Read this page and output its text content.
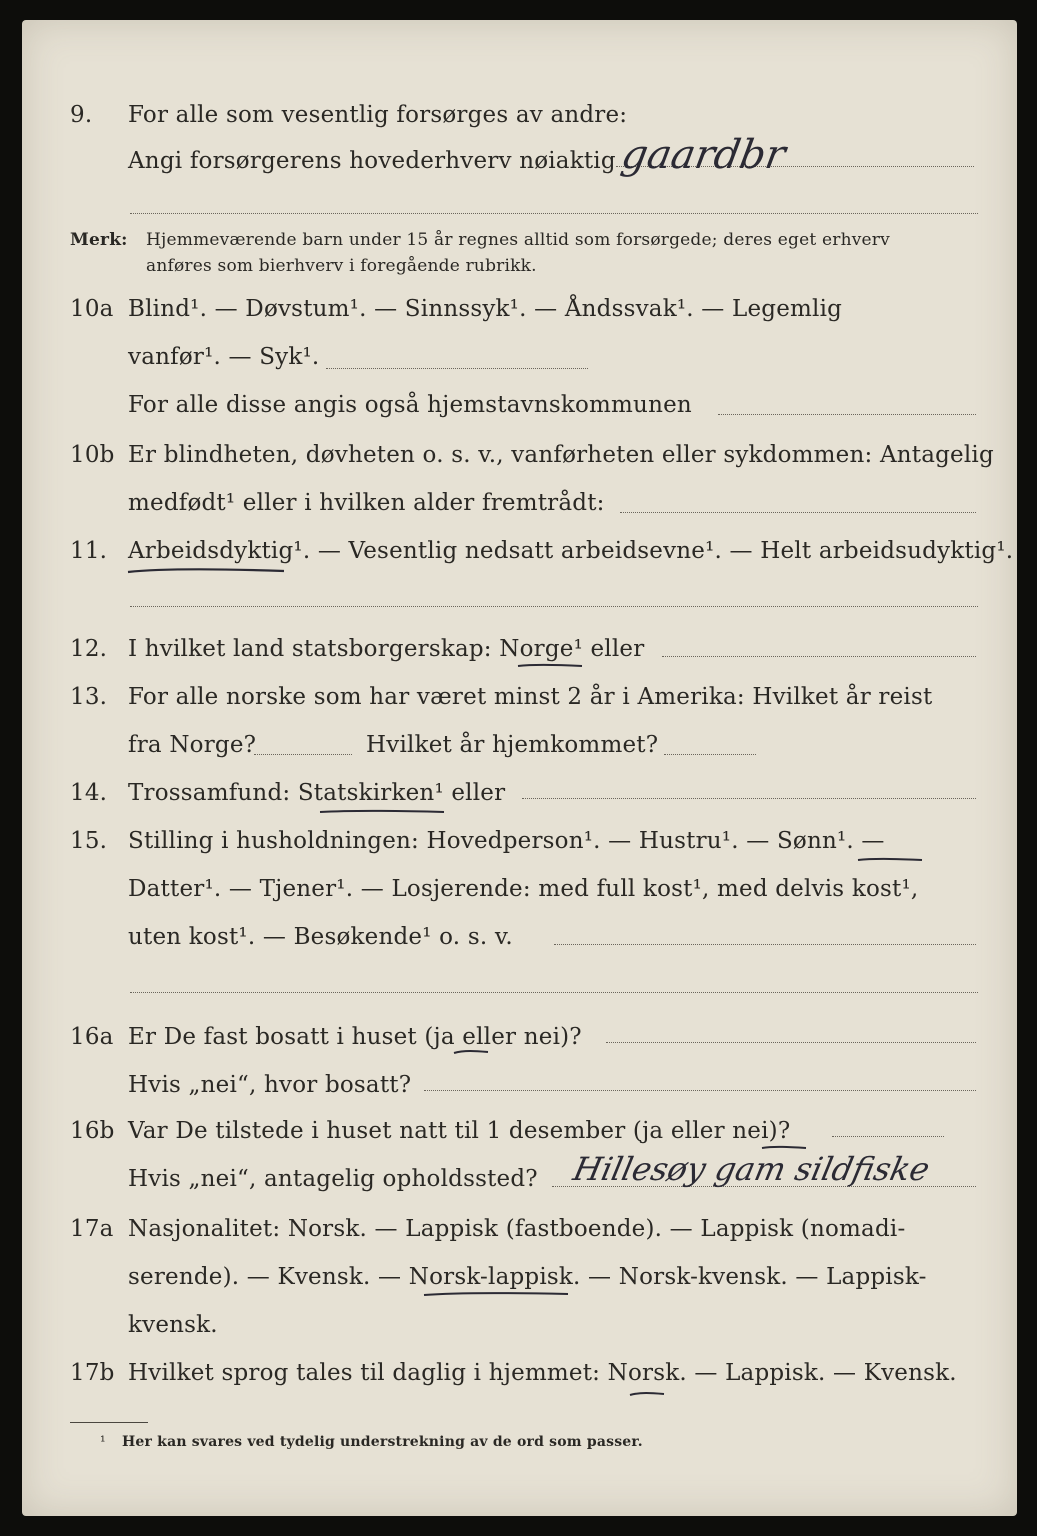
9. For alle som vesentlig forsørges av andre:
Angi forsørgerens hovederhverv nøiaktig gaardbr
Merk: Hjemmeværende barn under 15 år regnes alltid som forsørgede; deres eget erhverv
anføres som bierhverv i foregående rubrikk.
10a Blind¹. — Døvstum¹. — Sinnssyk¹. — Åndssvak¹. — Legemlig
vanfør¹. — Syk¹.
For alle disse angis også hjemstavnskommunen
10b Er blindheten, døvheten o. s. v., vanførheten eller sykdommen: Antagelig
medfødt¹ eller i hvilken alder fremtrådt:
11. Arbeidsdyktig¹. — Vesentlig nedsatt arbeidsevne¹. — Helt arbeidsudyktig¹.
12. I hvilket land statsborgerskap: Norge¹ eller
13. For alle norske som har været minst 2 år i Amerika: Hvilket år reist
fra Norge?	Hvilket år hjemkommet?
14. Trossamfund: Statskirken¹ eller
15. Stilling i husholdningen: Hovedperson¹. — Hustru¹. — Sønn¹. —
Datter¹. — Tjener¹. — Losjerende: med full kost¹, med delvis kost¹,
uten kost¹. — Besøkende¹ o. s. v.
16a Er De fast bosatt i huset (ja eller nei)?
Hvis „nei“, hvor bosatt?
16b Var De tilstede i huset natt til 1 desember (ja eller nei)?
Hvis „nei“, antagelig opholdssted? Hillesøy gam sildfiske
17a Nasjonalitet: Norsk. — Lappisk (fastboende). — Lappisk (nomadi-
serende). — Kvensk. — Norsk-lappisk. — Norsk-kvensk. — Lappisk-
kvensk.
17b Hvilket sprog tales til daglig i hjemmet: Norsk. — Lappisk. — Kvensk.
¹ Her kan svares ved tydelig understrekning av de ord som passer.
